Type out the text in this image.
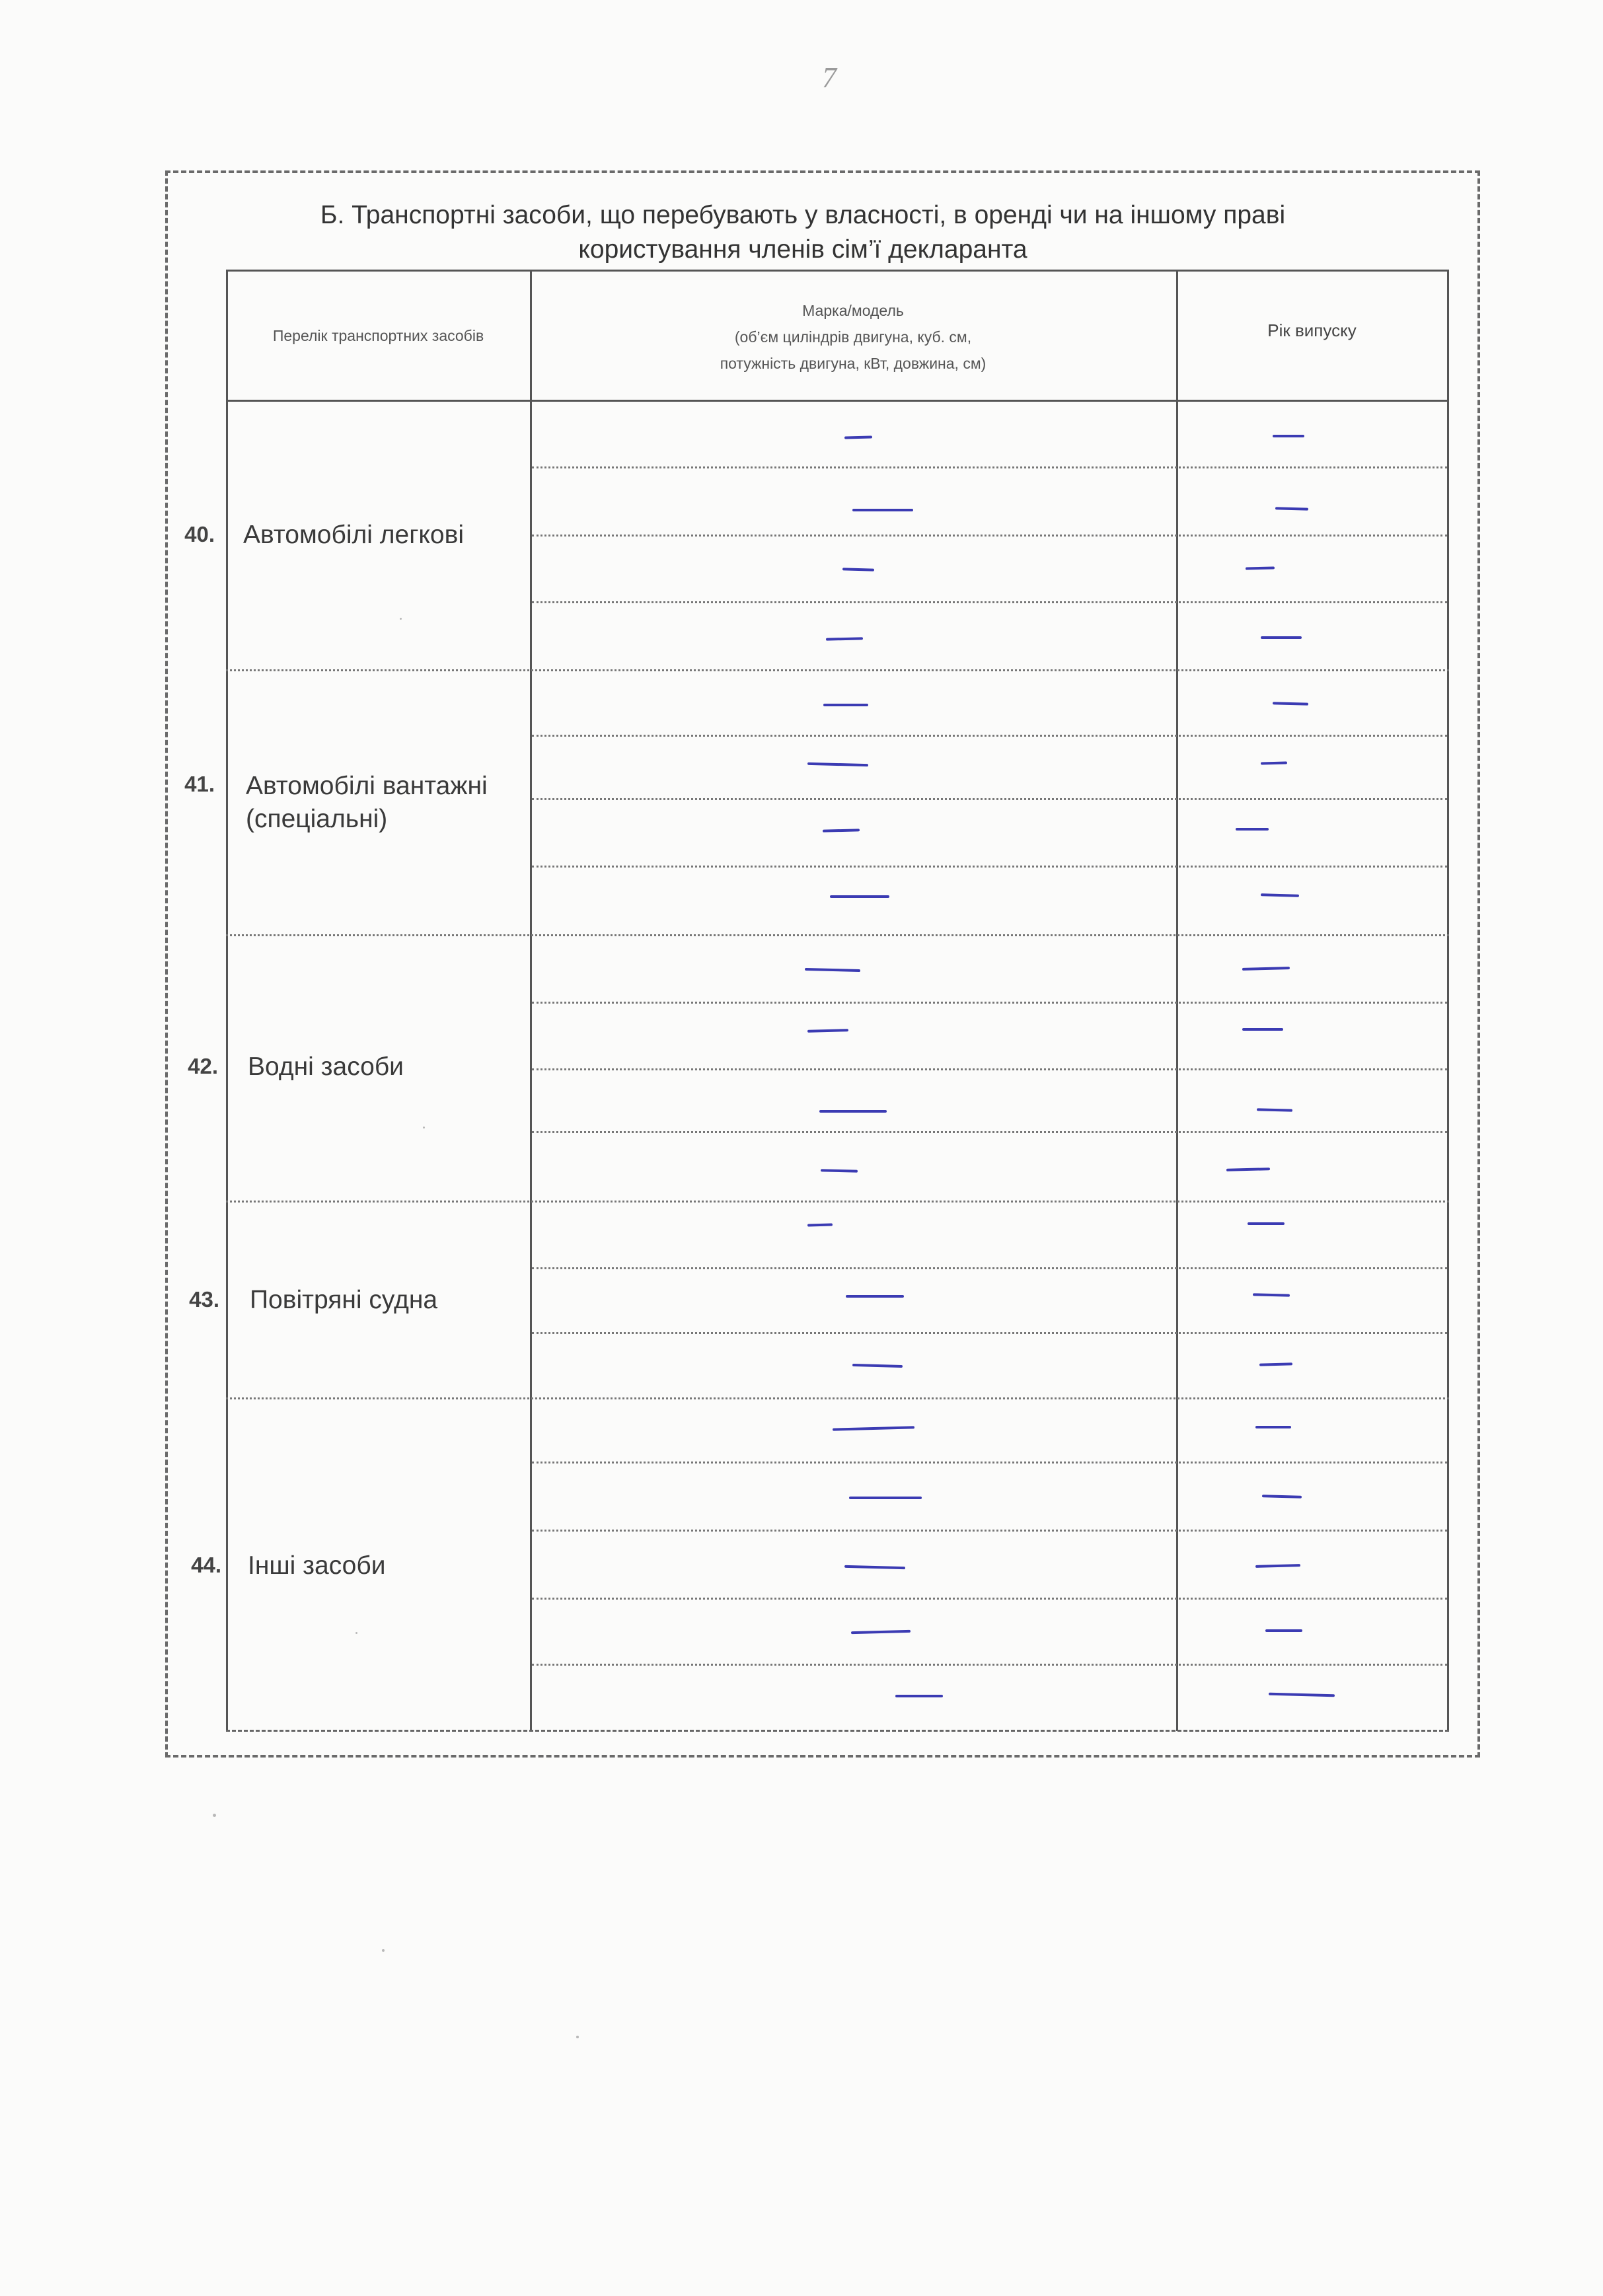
7
Б. Транспортні засоби, що перебувають у власності, в оренді чи на іншому праві
користування членів сім’ї декларанта
Перелік транспортних засобів
Марка/модель
(об’єм циліндрів двигуна, куб. см,
потужність двигуна, кВт, довжина, см)
Рік випуску
40. Автомобілі легкові
41. Автомобілі вантажні
(спеціальні)
42. Водні засоби
43. Повітряні судна
44. Інші засоби
